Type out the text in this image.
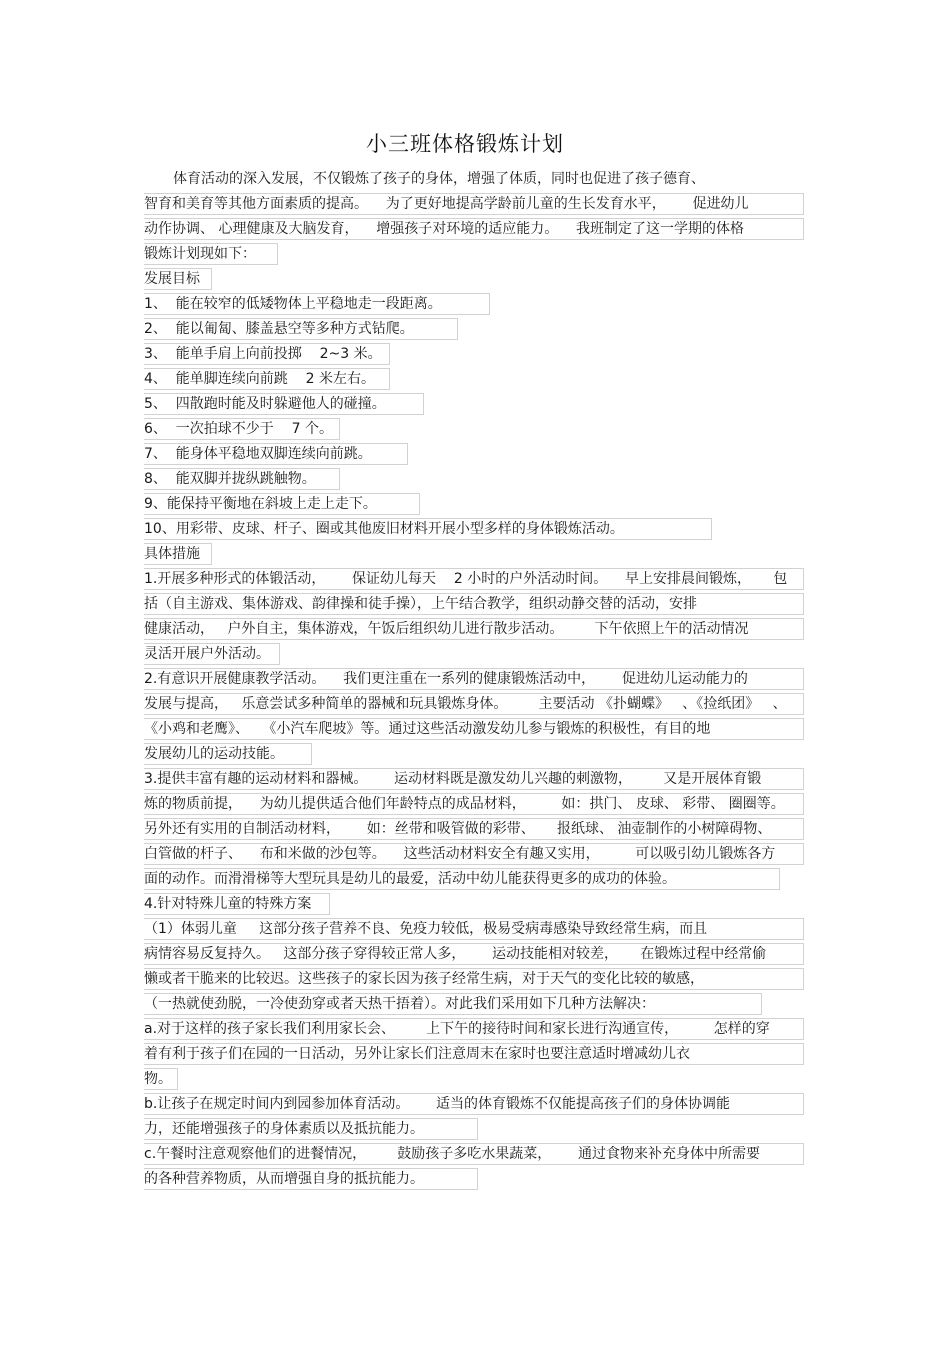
小三班体格锻炼计划
体育活动的深入发展，不仅锻炼了孩子的身体，增强了体质，同时也促进了孩子德育、
智育和美育等其他方面素质的提高。    为了更好地提高学龄前儿童的生长发育水平，      促进幼儿
动作协调、 心理健康及大脑发育，    增强孩子对环境的适应能力。    我班制定了这一学期的体格
锻炼计划现如下：
发展目标
1、  能在较窄的低矮物体上平稳地走一段距离。
2、  能以匍匐、膝盖悬空等多种方式钻爬。
3、  能单手肩上向前投掷    2~3 米。
4、  能单脚连续向前跳    2 米左右。
5、  四散跑时能及时躲避他人的碰撞。
6、  一次拍球不少于    7 个。
7、  能身体平稳地双脚连续向前跳。
8、  能双脚并拢纵跳触物。
9、能保持平衡地在斜坡上走上走下。
10、用彩带、皮球、杆子、圈或其他废旧材料开展小型多样的身体锻炼活动。
具体措施
1.开展多种形式的体锻活动，      保证幼儿每天    2 小时的户外活动时间。    早上安排晨间锻炼，     包
括（自主游戏、集体游戏、韵律操和徒手操），上午结合教学，组织动静交替的活动，安排
健康活动，   户外自主，集体游戏，午饭后组织幼儿进行散步活动。       下午依照上午的活动情况
灵活开展户外活动。
2.有意识开展健康教学活动。    我们更注重在一系列的健康锻炼活动中，      促进幼儿运动能力的
发展与提高，   乐意尝试多种简单的器械和玩具锻炼身体。       主要活动 《扑蝴蝶》   、《捡纸团》   、
《小鸡和老鹰》、   《小汽车爬坡》等。通过这些活动激发幼儿参与锻炼的积极性，有目的地
发展幼儿的运动技能。
3.提供丰富有趣的运动材料和器械。      运动材料既是激发幼儿兴趣的刺激物，       又是开展体育锻
炼的物质前提，    为幼儿提供适合他们年龄特点的成品材料，        如：拱门、 皮球、 彩带、 圈圈等。
另外还有实用的自制活动材料，      如：丝带和吸管做的彩带、     报纸球、 油壶制作的小树障碍物、
白管做的杆子、    布和米做的沙包等。    这些活动材料安全有趣又实用，        可以吸引幼儿锻炼各方
面的动作。而滑滑梯等大型玩具是幼儿的最爱，活动中幼儿能获得更多的成功的体验。
4.针对特殊儿童的特殊方案
（1）体弱儿童     这部分孩子营养不良、免疫力较低，极易受病毒感染导致经常生病，而且
病情容易反复持久。   这部分孩子穿得较正常人多，      运动技能相对较差，     在锻炼过程中经常偷
懒或者干脆来的比较迟。这些孩子的家长因为孩子经常生病，对于天气的变化比较的敏感，
（一热就使劲脱，一冷使劲穿或者天热干捂着）。对此我们采用如下几种方法解决：
a.对于这样的孩子家长我们利用家长会、       上下午的接待时间和家长进行沟通宣传，        怎样的穿
着有利于孩子们在园的一日活动，另外让家长们注意周末在家时也要注意适时增减幼儿衣
物。
b.让孩子在规定时间内到园参加体育活动。      适当的体育锻炼不仅能提高孩子们的身体协调能
力，还能增强孩子的身体素质以及抵抗能力。
c.午餐时注意观察他们的进餐情况，       鼓励孩子多吃水果蔬菜，      通过食物来补充身体中所需要
的各种营养物质，从而增强自身的抵抗能力。
